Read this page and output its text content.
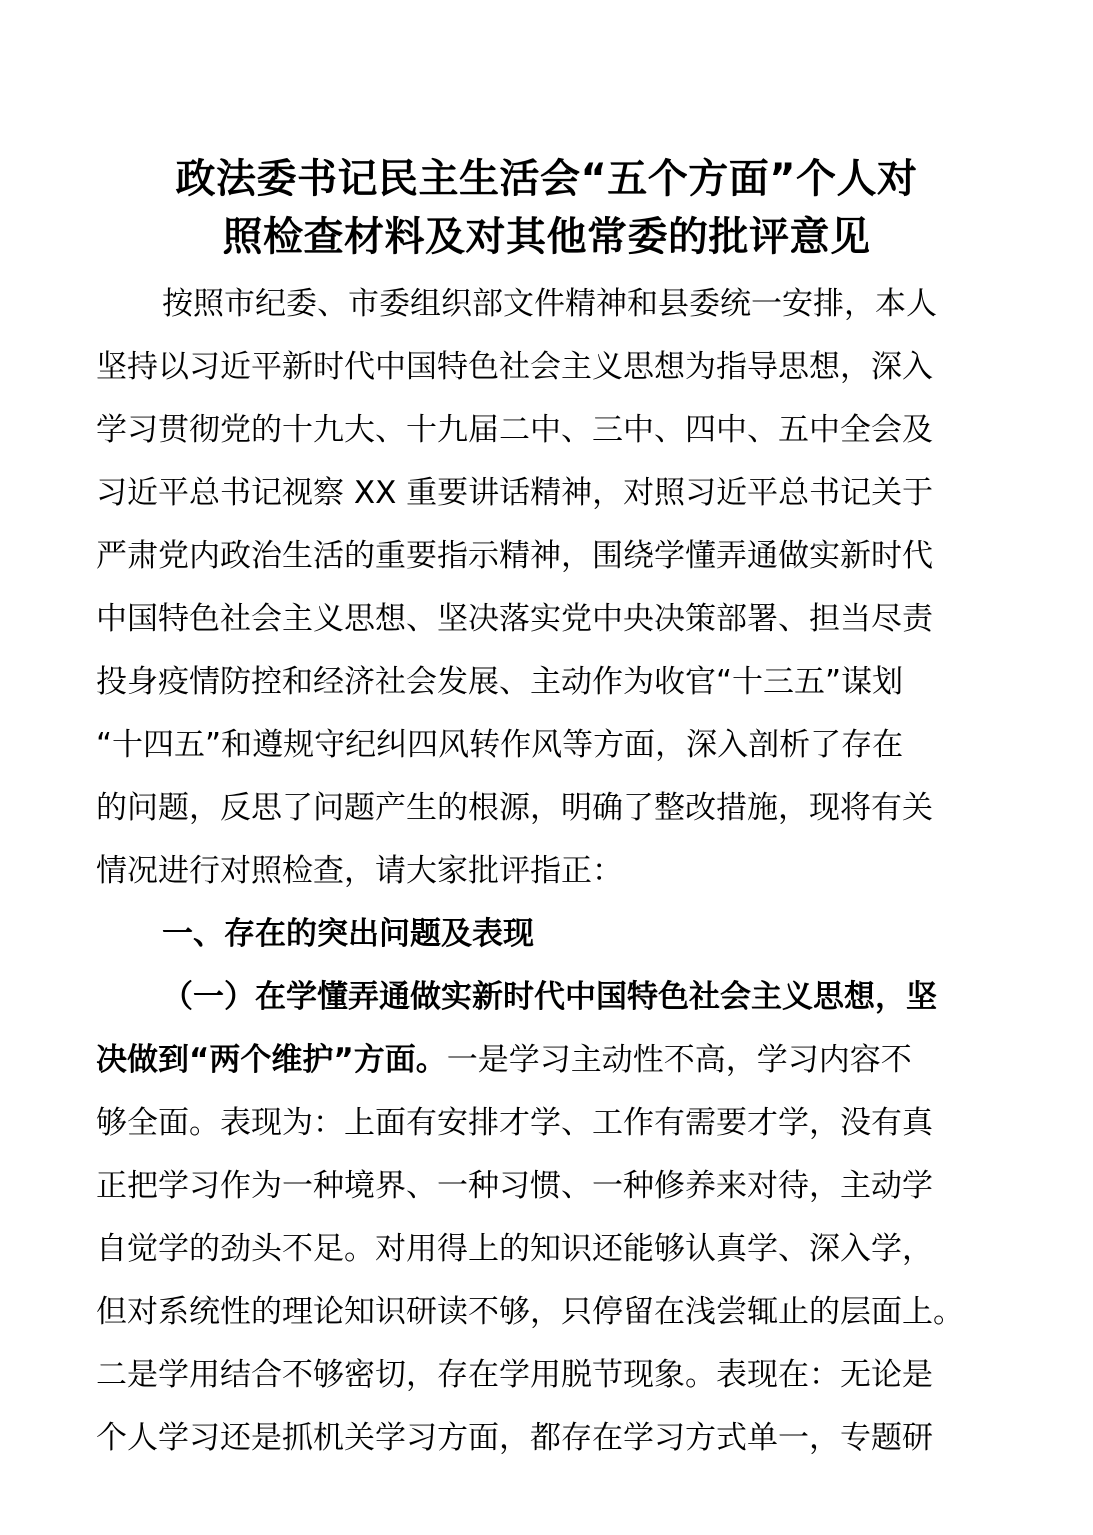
政法委书记民主生活会“五个方面”个人对
照检查材料及对其他常委的批评意见
按照市纪委、市委组织部文件精神和县委统一安排，本人
坚持以习近平新时代中国特色社会主义思想为指导思想，深入
学习贯彻党的十九大、十九届二中、三中、四中、五中全会及
习近平总书记视察 XX 重要讲话精神，对照习近平总书记关于
严肃党内政治生活的重要指示精神，围绕学懂弄通做实新时代
中国特色社会主义思想、坚决落实党中央决策部署、担当尽责
投身疫情防控和经济社会发展、主动作为收官“十三五”谋划
“十四五”和遵规守纪纠四风转作风等方面，深入剖析了存在
的问题，反思了问题产生的根源，明确了整改措施，现将有关
情况进行对照检查，请大家批评指正：
一、存在的突出问题及表现
（一）在学懂弄通做实新时代中国特色社会主义思想，坚
决做到“两个维护”方面。一是学习主动性不高，学习内容不
够全面。表现为：上面有安排才学、工作有需要才学，没有真
正把学习作为一种境界、一种习惯、一种修养来对待，主动学
自觉学的劲头不足。对用得上的知识还能够认真学、深入学，
但对系统性的理论知识研读不够，只停留在浅尝辄止的层面上。
二是学用结合不够密切，存在学用脱节现象。表现在：无论是
个人学习还是抓机关学习方面，都存在学习方式单一，专题研
